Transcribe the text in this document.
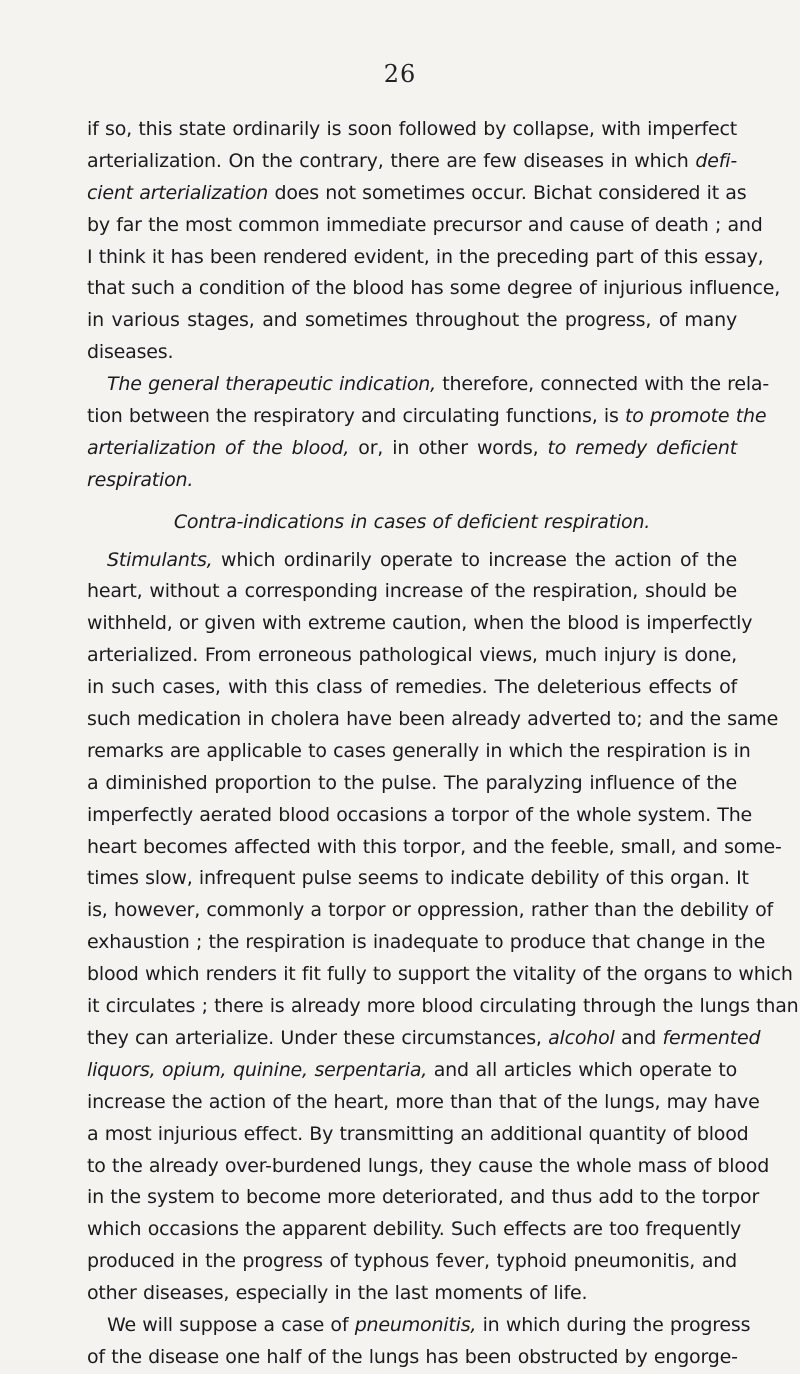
26
if so, this state ordinarily is soon followed by collapse, with imperfect
arterialization. On the contrary, there are few diseases in which defi-
cient arterialization does not sometimes occur. Bichat considered it as
by far the most common immediate precursor and cause of death ; and
I think it has been rendered evident, in the preceding part of this essay,
that such a condition of the blood has some degree of injurious influence,
in various stages, and sometimes throughout the progress, of many
diseases.
The general therapeutic indication, therefore, connected with the rela-
tion between the respiratory and circulating functions, is to promote the
arterialization of the blood, or, in other words, to remedy deficient
respiration.
Contra-indications in cases of deficient respiration.
Stimulants, which ordinarily operate to increase the action of the
heart, without a corresponding increase of the respiration, should be
withheld, or given with extreme caution, when the blood is imperfectly
arterialized. From erroneous pathological views, much injury is done,
in such cases, with this class of remedies. The deleterious effects of
such medication in cholera have been already adverted to; and the same
remarks are applicable to cases generally in which the respiration is in
a diminished proportion to the pulse. The paralyzing influence of the
imperfectly aerated blood occasions a torpor of the whole system. The
heart becomes affected with this torpor, and the feeble, small, and some-
times slow, infrequent pulse seems to indicate debility of this organ. It
is, however, commonly a torpor or oppression, rather than the debility of
exhaustion ; the respiration is inadequate to produce that change in the
blood which renders it fit fully to support the vitality of the organs to which
it circulates ; there is already more blood circulating through the lungs than
they can arterialize. Under these circumstances, alcohol and fermented
liquors, opium, quinine, serpentaria, and all articles which operate to
increase the action of the heart, more than that of the lungs, may have
a most injurious effect. By transmitting an additional quantity of blood
to the already over-burdened lungs, they cause the whole mass of blood
in the system to become more deteriorated, and thus add to the torpor
which occasions the apparent debility. Such effects are too frequently
produced in the progress of typhous fever, typhoid pneumonitis, and
other diseases, especially in the last moments of life.
We will suppose a case of pneumonitis, in which during the progress
of the disease one half of the lungs has been obstructed by engorge-
